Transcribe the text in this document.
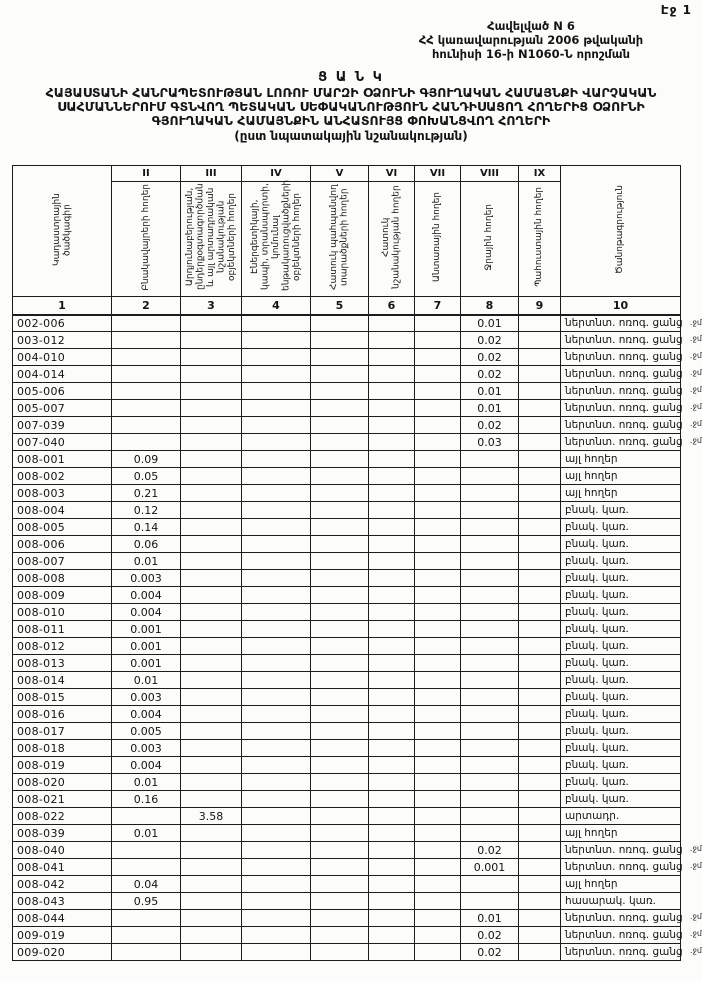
Էջ 1
Հավելված N 6
ՀՀ կառավարության 2006 թվականի
հունիսի 16-ի N1060-Ն որոշման
Ց Ա Ն Կ
ՀԱՅԱՍՏԱՆԻ ՀԱՆՐԱՊԵՏՈՒԹՅԱՆ ԼՈՌՈՒ ՄԱՐԶԻ ՕՁՈՒՆԻ ԳՅՈՒՂԱԿԱՆ ՀԱՄԱՅՆՔԻ ՎԱՐՉԱԿԱՆ
ՍԱՀՄԱՆՆԵՐՈՒՄ ԳՏՆՎՈՂ ՊԵՏԱԿԱՆ ՍԵՓԱԿԱՆՈՒԹՅՈՒՆ ՀԱՆԴԻՍԱՑՈՂ ՀՈՂԵՐԻՑ ՕՁՈՒՆԻ
ԳՅՈՒՂԱԿԱՆ ՀԱՄԱՅՆՔԻՆ ԱՆՀԱՏՈՒՅՑ ՓՈԽԱՆՑՎՈՂ ՀՈՂԵՐԻ
(ըստ նպատակային նշանակության)
Կադաստրային ծածկագիր	II	III	IV	V	VI	VII	VIII	IX	Ծանոթագրություն
	Բնակավայրերի հողեր	Արդյունաբերության, ընդերքօգտագործման և այլ արտադրական նշանակության օբյեկտների հողեր	Էներգետիկայի, կապի, տրանսպորտի, կոմունալ ենթակառուցվածքների օբյեկտների հողեր	Հատուկ պահպանվող տարածքների հողեր	Հատուկ նշանակության հողեր	Անտառային հողեր	Ջրային հողեր	Պահուստային հողեր	
1	2	3	4	5	6	7	8	9	10
002-006							0.01		ներտնտ. ոռոգ. ցանց .ջմ

003-012							0.02		ներտնտ. ոռոգ. ցանց .ջմ

004-010							0.02		ներտնտ. ոռոգ. ցանց .ջմ

004-014							0.02		ներտնտ. ոռոգ. ցանց .ջմ

005-006							0.01		ներտնտ. ոռոգ. ցանց .ջմ

005-007							0.01		ներտնտ. ոռոգ. ցանց .ջմ

007-039							0.02		ներտնտ. ոռոգ. ցանց .ջմ

007-040							0.03		ներտնտ. ոռոգ. ցանց .ջմ

008-001	0.09								այլ հողեր

008-002	0.05								այլ հողեր

008-003	0.21								այլ հողեր

008-004	0.12								բնակ. կառ.

008-005	0.14								բնակ. կառ.

008-006	0.06								բնակ. կառ.

008-007	0.01								բնակ. կառ.

008-008	0.003								բնակ. կառ.

008-009	0.004								բնակ. կառ.

008-010	0.004								բնակ. կառ.

008-011	0.001								բնակ. կառ.

008-012	0.001								բնակ. կառ.

008-013	0.001								բնակ. կառ.

008-014	0.01								բնակ. կառ.

008-015	0.003								բնակ. կառ.

008-016	0.004								բնակ. կառ.

008-017	0.005								բնակ. կառ.

008-018	0.003								բնակ. կառ.

008-019	0.004								բնակ. կառ.

008-020	0.01								բնակ. կառ.

008-021	0.16								բնակ. կառ.

008-022		3.58							արտադր.

008-039	0.01								այլ հողեր

008-040							0.02		ներտնտ. ոռոգ. ցանց .ջմ

008-041							0.001		ներտնտ. ոռոգ. ցանց .ջմ

008-042	0.04								այլ հողեր

008-043	0.95								հասարակ. կառ.

008-044							0.01		ներտնտ. ոռոգ. ցանց .ջմ

009-019							0.02		ներտնտ. ոռոգ. ցանց .ջմ

009-020							0.02		ներտնտ. ոռոգ. ցանց .ջմ
